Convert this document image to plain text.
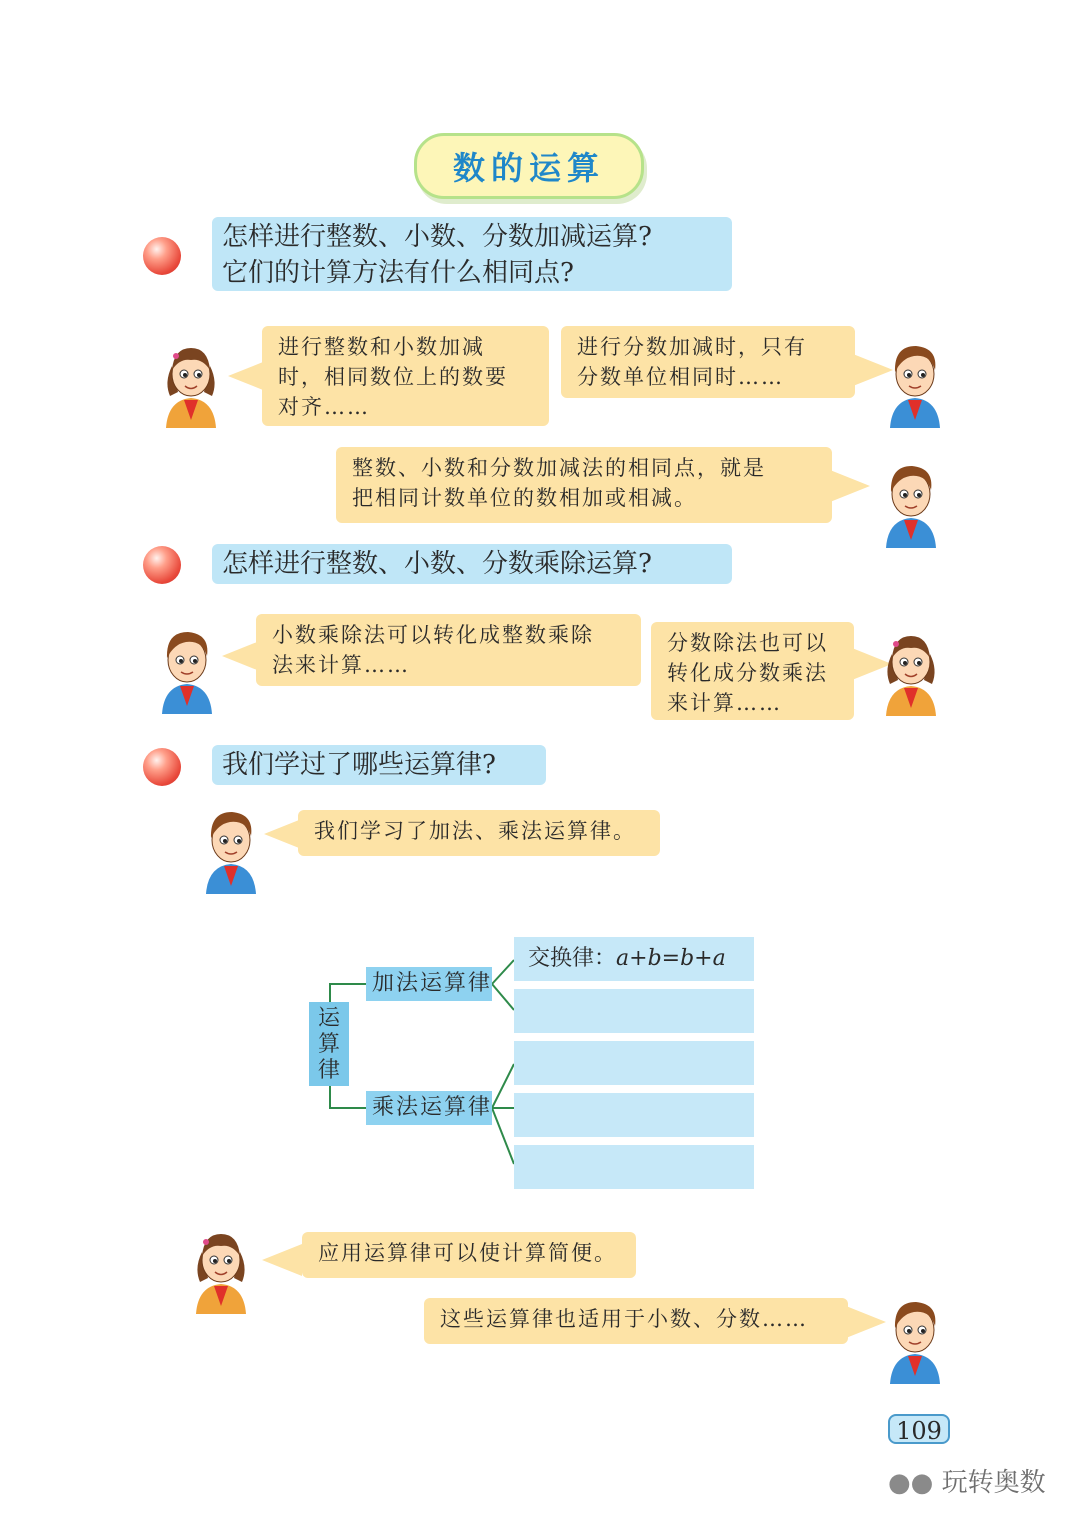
数的运算
怎样进行整数、小数、分数加减运算?
它们的计算方法有什么相同点?
进行整数和小数加减
时，相同数位上的数要
对齐……
进行分数加减时，只有
分数单位相同时……
整数、小数和分数加减法的相同点，就是
把相同计数单位的数相加或相减。
怎样进行整数、小数、分数乘除运算?
小数乘除法可以转化成整数乘除
法来计算……
分数除法也可以
转化成分数乘法
来计算……
我们学过了哪些运算律?
我们学习了加法、乘法运算律。
运
算
律
加法运算律
乘法运算律
交换律：a+b=b+a
应用运算律可以使计算简便。
这些运算律也适用于小数、分数……
109
●● 玩转奥数
